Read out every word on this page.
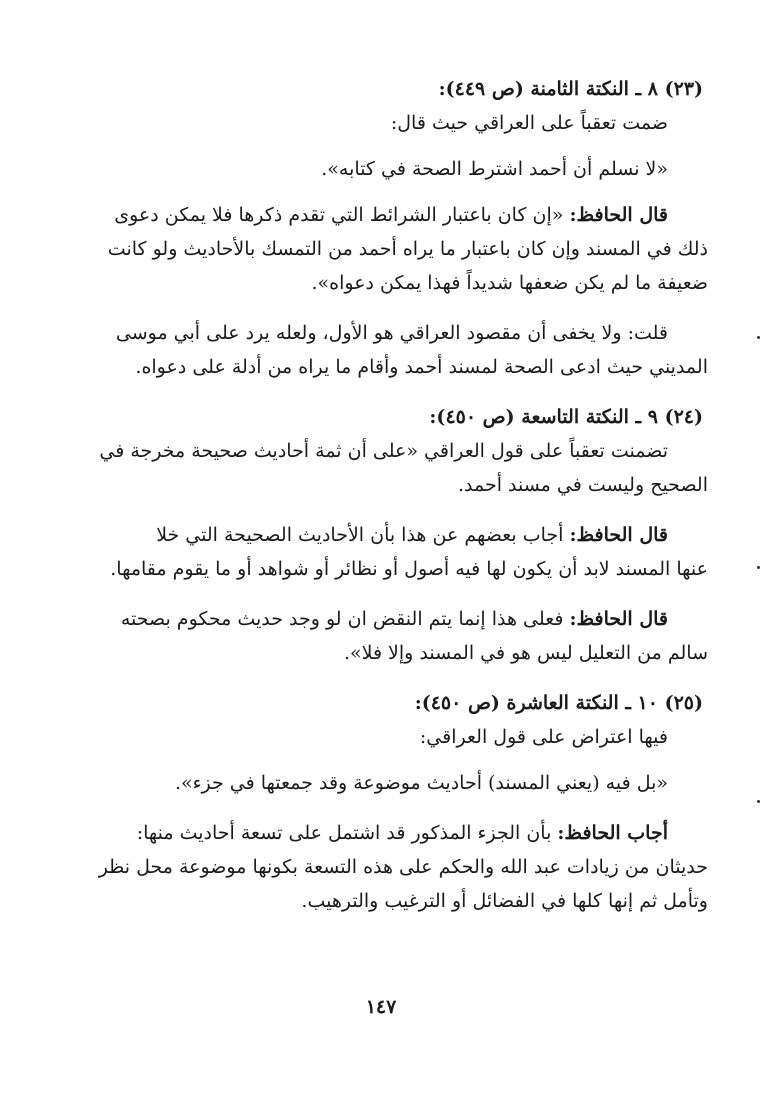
(٢٣) ٨ ـ النكتة الثامنة (ص ٤٤٩):
ضمت تعقباً على العراقي حيث قال:
«لا نسلم أن أحمد اشترط الصحة في كتابه».
قال الحافظ: «إن كان باعتبار الشرائط التي تقدم ذكرها فلا يمكن دعوى
ذلك في المسند وإن كان باعتبار ما يراه أحمد من التمسك بالأحاديث ولو كانت
ضعيفة ما لم يكن ضعفها شديداً فهذا يمكن دعواه».
قلت: ولا يخفى أن مقصود العراقي هو الأول، ولعله يرد على أبي موسى
المديني حيث ادعى الصحة لمسند أحمد وأقام ما يراه من أدلة على دعواه.
(٢٤) ٩ ـ النكتة التاسعة (ص ٤٥٠):
تضمنت تعقباً على قول العراقي «على أن ثمة أحاديث صحيحة مخرجة في
الصحيح وليست في مسند أحمد.
قال الحافظ: أجاب بعضهم عن هذا بأن الأحاديث الصحيحة التي خلا
عنها المسند لابد أن يكون لها فيه أصول أو نظائر أو شواهد أو ما يقوم مقامها.
قال الحافظ: فعلى هذا إنما يتم النقض ان لو وجد حديث محكوم بصحته
سالم من التعليل ليس هو في المسند وإلا فلا».
(٢٥) ١٠ ـ النكتة العاشرة (ص ٤٥٠):
فيها اعتراض على قول العراقي:
«بل فيه (يعني المسند) أحاديث موضوعة وقد جمعتها في جزء».
أجاب الحافظ: بأن الجزء المذكور قد اشتمل على تسعة أحاديث منها:
حديثان من زيادات عبد الله والحكم على هذه التسعة بكونها موضوعة محل نظر
وتأمل ثم إنها كلها في الفضائل أو الترغيب والترهيب.
١٤٧
